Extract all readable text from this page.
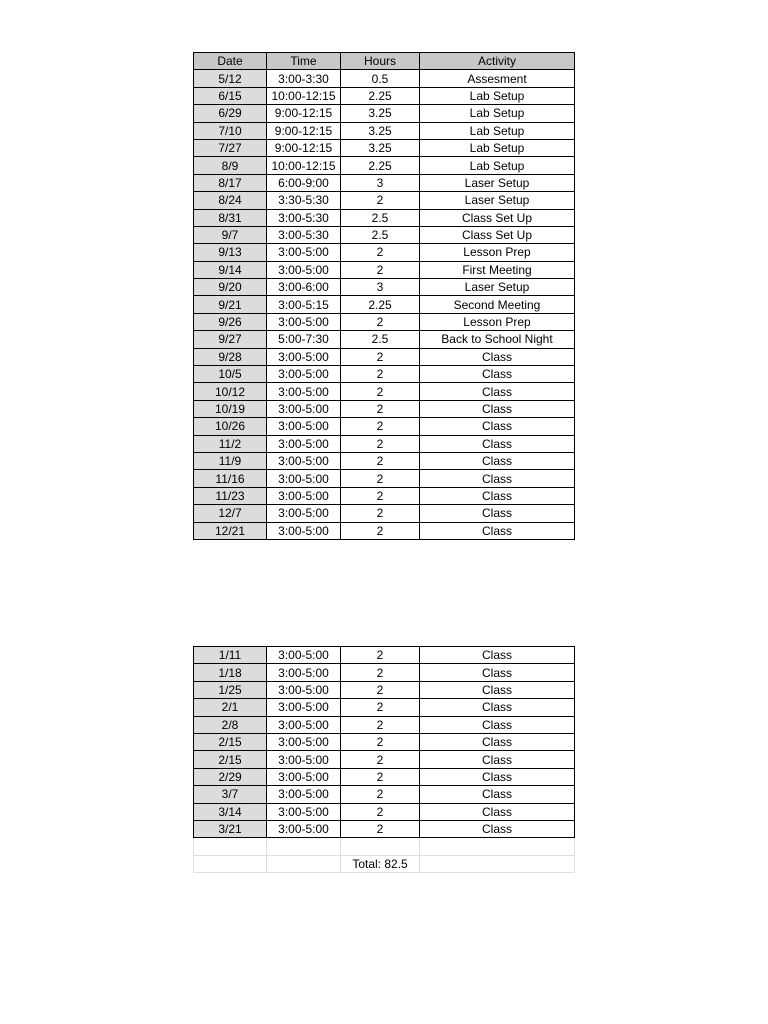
Date	Time	Hours	Activity
5/12	3:00-3:30	0.5	Assesment
6/15	10:00-12:15	2.25	Lab Setup
6/29	9:00-12:15	3.25	Lab Setup
7/10	9:00-12:15	3.25	Lab Setup
7/27	9:00-12:15	3.25	Lab Setup
8/9	10:00-12:15	2.25	Lab Setup
8/17	6:00-9:00	3	Laser Setup
8/24	3:30-5:30	2	Laser Setup
8/31	3:00-5:30	2.5	Class Set Up
9/7	3:00-5:30	2.5	Class Set Up
9/13	3:00-5:00	2	Lesson Prep
9/14	3:00-5:00	2	First Meeting
9/20	3:00-6:00	3	Laser Setup
9/21	3:00-5:15	2.25	Second Meeting
9/26	3:00-5:00	2	Lesson Prep
9/27	5:00-7:30	2.5	Back to School Night
9/28	3:00-5:00	2	Class
10/5	3:00-5:00	2	Class
10/12	3:00-5:00	2	Class
10/19	3:00-5:00	2	Class
10/26	3:00-5:00	2	Class
11/2	3:00-5:00	2	Class
11/9	3:00-5:00	2	Class
11/16	3:00-5:00	2	Class
11/23	3:00-5:00	2	Class
12/7	3:00-5:00	2	Class
12/21	3:00-5:00	2	Class
1/11	3:00-5:00	2	Class
1/18	3:00-5:00	2	Class
1/25	3:00-5:00	2	Class
2/1	3:00-5:00	2	Class
2/8	3:00-5:00	2	Class
2/15	3:00-5:00	2	Class
2/15	3:00-5:00	2	Class
2/29	3:00-5:00	2	Class
3/7	3:00-5:00	2	Class
3/14	3:00-5:00	2	Class
3/21	3:00-5:00	2	Class

		Total: 82.5	
